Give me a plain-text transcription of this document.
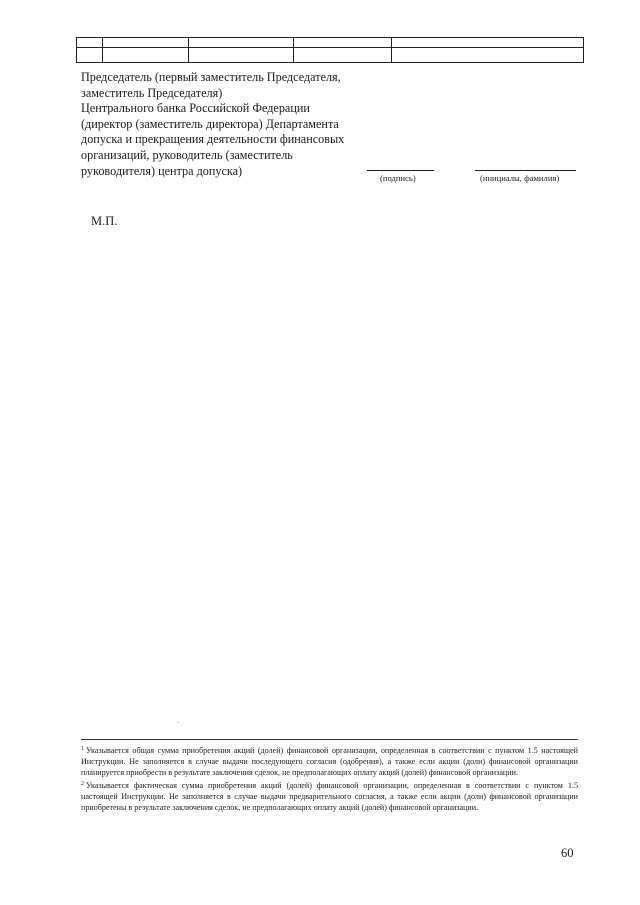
Председатель (первый заместитель Председателя,
заместитель Председателя)
Центрального банка Российской Федерации
(директор (заместитель директора) Департамента
допуска и прекращения деятельности финансовых
организаций, руководитель (заместитель
руководителя) центра допуска)
(подпись)	(инициалы, фамилия)
М.П.

$^1$ Указывается общая сумма приобретения акций (долей) финансовой организации, определенная в соответствии с пунктом 1.5 настоящей Инструкции. Не заполняется в случае выдачи последующего согласия (одобрения), а также если акции (доли) финансовой организации планируется приобрести в результате заключения сделок, не предполагающих оплату акций (долей) финансовой организации.

$^2$ Указывается фактическая сумма приобретения акций (долей) финансовой организации, определенная в соответствии с пунктом 1.5 настоящей Инструкции. Не заполняется в случае выдачи предварительного согласия, а также если акции (доли) финансовой организации приобретены в результате заключения сделок, не предполагающих оплату акций (долей) финансовой организации.

60
